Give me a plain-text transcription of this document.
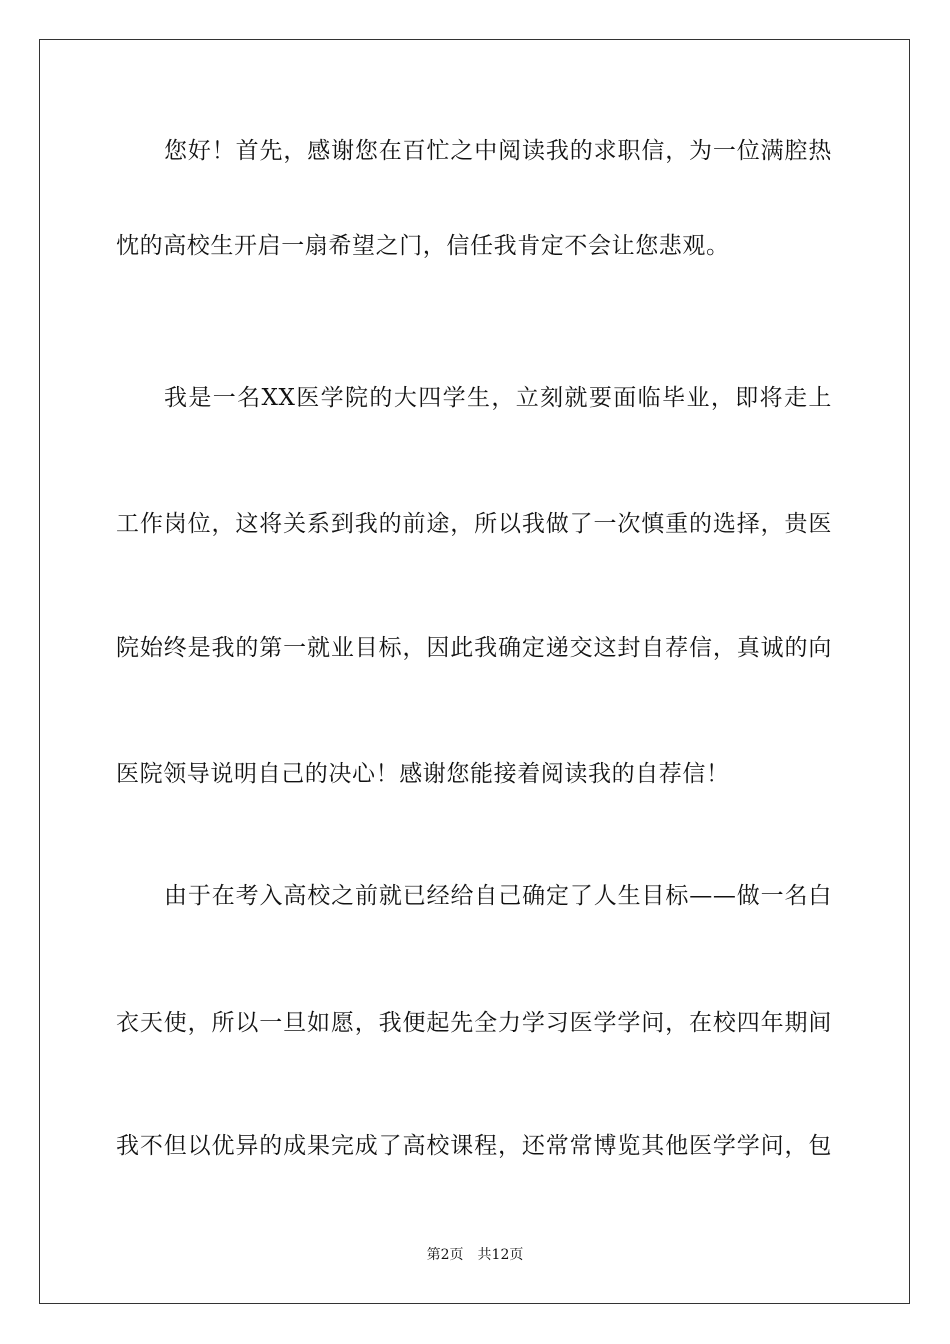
您好！首先，感谢您在百忙之中阅读我的求职信，为一位满腔热
忱的高校生开启一扇希望之门，信任我肯定不会让您悲观。
我是一名XX医学院的大四学生，立刻就要面临毕业，即将走上
工作岗位，这将关系到我的前途，所以我做了一次慎重的选择，贵医
院始终是我的第一就业目标，因此我确定递交这封自荐信，真诚的向
医院领导说明自己的决心！感谢您能接着阅读我的自荐信！
由于在考入高校之前就已经给自己确定了人生目标——做一名白
衣天使，所以一旦如愿，我便起先全力学习医学学问，在校四年期间
我不但以优异的成果完成了高校课程，还常常博览其他医学学问，包
第2页 共12页
